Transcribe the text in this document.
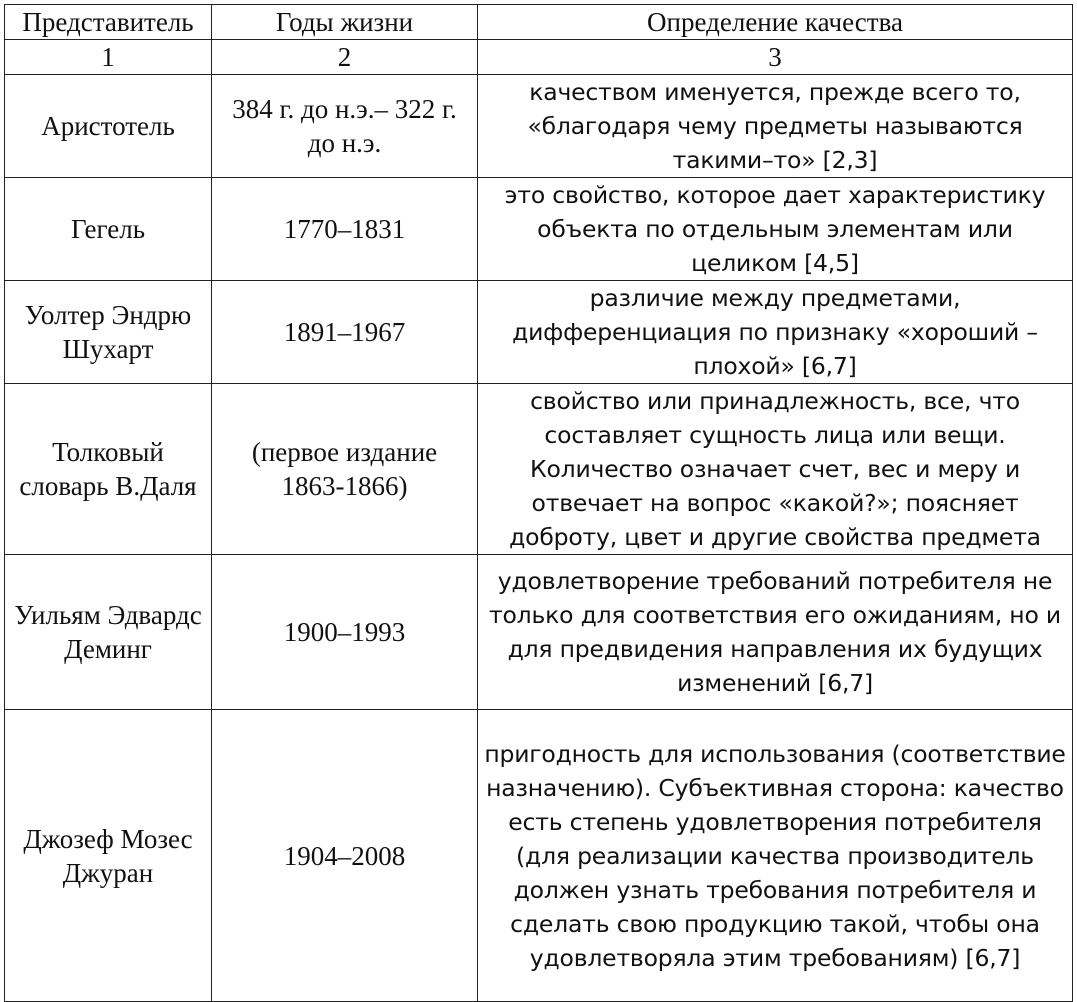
Представитель	Годы жизни	Определение качества
1	2	3
Аристотель	384 г. до н.э.– 322 г. до н.э.	качеством именуется, прежде всего то, «благодаря чему предметы называются такими–то» [2,3]
Гегель	1770–1831	это свойство, которое дает характеристику объекта по отдельным элементам или целиком [4,5]
Уолтер Эндрю Шухарт	1891–1967	различие между предметами, дифференциация по признаку «хороший – плохой» [6,7]
Толковый словарь В.Даля	(первое издание 1863-1866)	свойство или принадлежность, все, что составляет сущность лица или вещи. Количество означает счет, вес и меру и отвечает на вопрос «какой?»; поясняет доброту, цвет и другие свойства предмета
Уильям Эдвардс Деминг	1900–1993	удовлетворение требований потребителя не только для соответствия его ожиданиям, но и для предвидения направления их будущих изменений [6,7]
Джозеф Мозес Джуран	1904–2008	пригодность для использования (соответствие назначению). Субъективная сторона: качество есть степень удовлетворения потребителя (для реализации качества производитель должен узнать требования потребителя и сделать свою продукцию такой, чтобы она удовлетворяла этим требованиям) [6,7]
